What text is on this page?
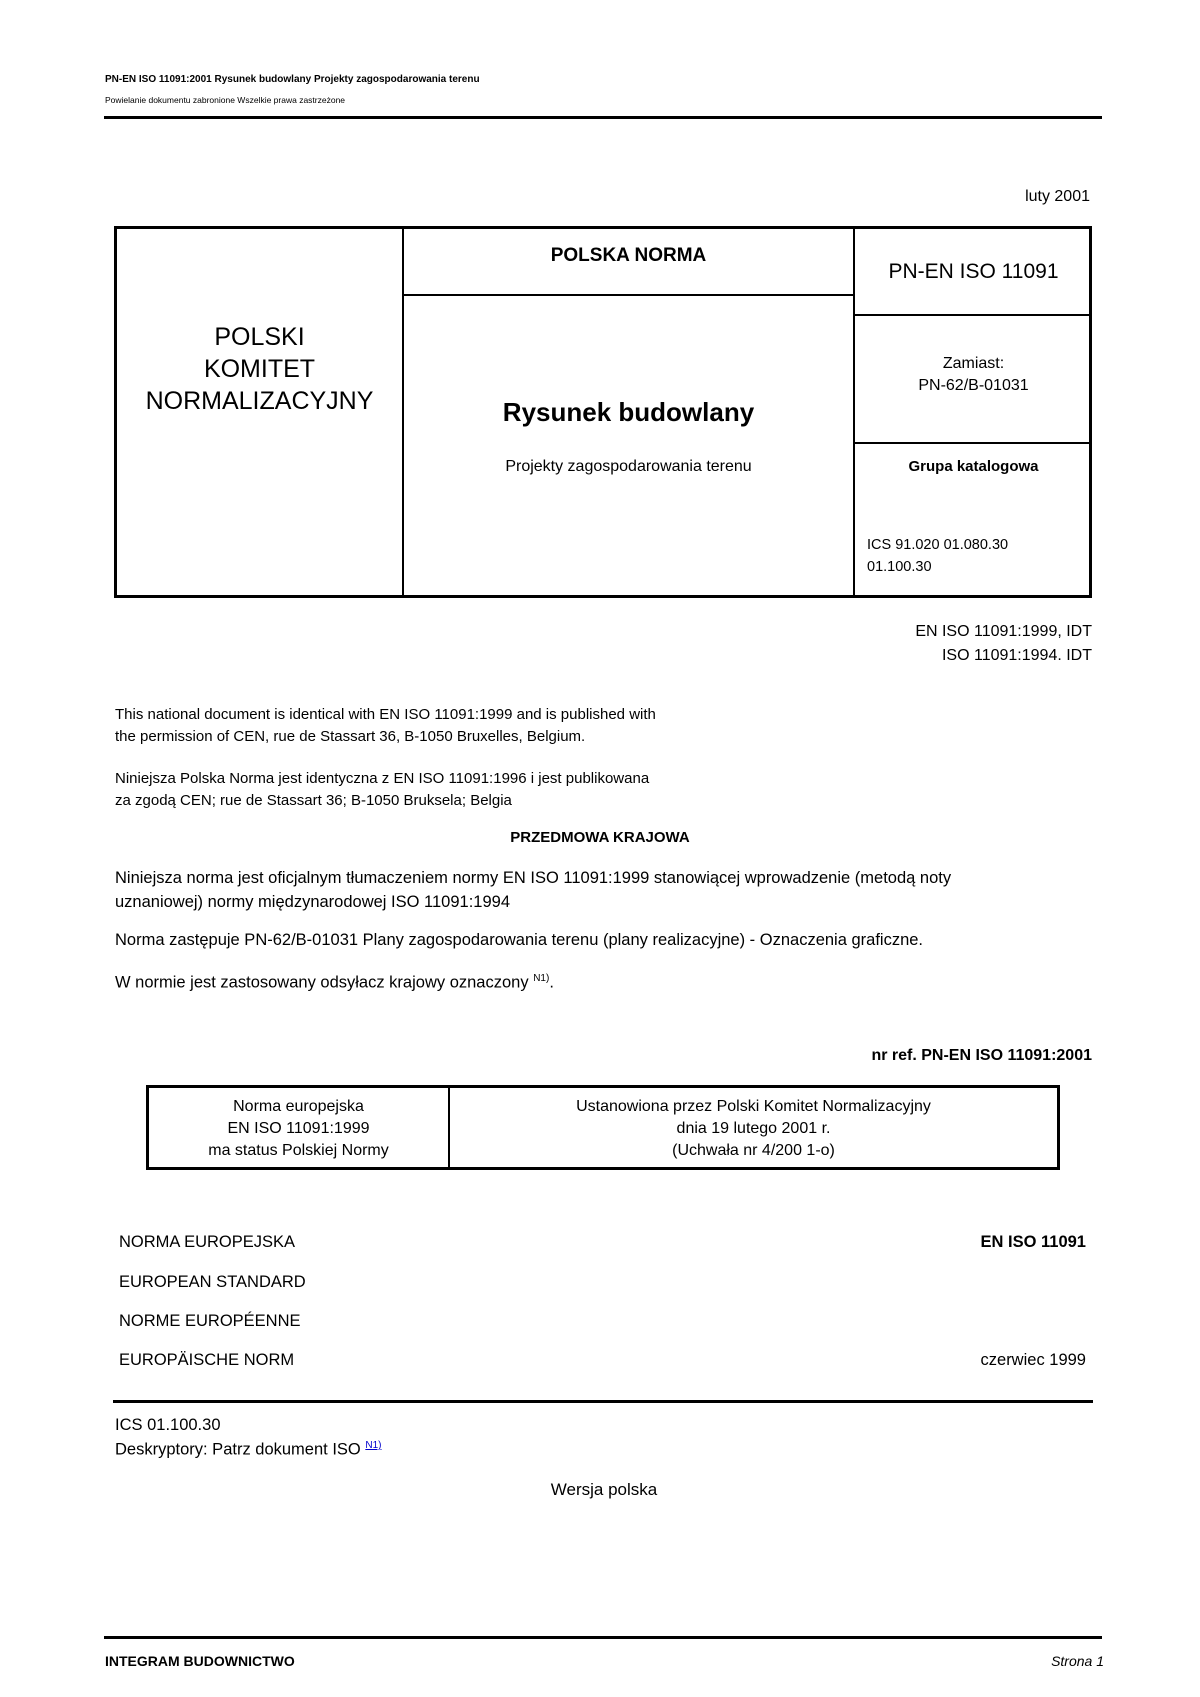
PN-EN ISO 11091:2001 Rysunek budowlany Projekty zagospodarowania terenu
Powielanie dokumentu zabronione Wszelkie prawa zastrzeżone
luty 2001
POLSKI
KOMITET
NORMALIZACYJNY
POLSKA NORMA
Rysunek budowlany
Projekty zagospodarowania terenu
PN-EN ISO 11091
Zamiast:
PN-62/B-01031
Grupa katalogowa
ICS 91.020 01.080.30
01.100.30
EN ISO 11091:1999, IDT
ISO 11091:1994. IDT
This national document is identical with EN ISO 11091:1999 and is published with
the permission of CEN, rue de Stassart 36, B-1050 Bruxelles, Belgium.
Niniejsza Polska Norma jest identyczna z EN ISO 11091:1996 i jest publikowana
za zgodą CEN; rue de Stassart 36; B-1050 Bruksela; Belgia
PRZEDMOWA KRAJOWA
Niniejsza norma jest oficjalnym tłumaczeniem normy EN ISO 11091:1999 stanowiącej wprowadzenie (metodą noty
uznaniowej) normy międzynarodowej ISO 11091:1994
Norma zastępuje PN-62/B-01031 Plany zagospodarowania terenu (plany realizacyjne) - Oznaczenia graficzne.
W normie jest zastosowany odsyłacz krajowy oznaczony $^{N1)}$.
nr ref. PN-EN ISO 11091:2001
Norma europejska
EN ISO 11091:1999
ma status Polskiej Normy
Ustanowiona przez Polski Komitet Normalizacyjny
dnia 19 lutego 2001 r.
(Uchwała nr 4/200 1-o)
NORMA EUROPEJSKA
EUROPEAN STANDARD
NORME EUROPÉENNE
EUROPÄISCHE NORM
EN ISO 11091
czerwiec 1999
ICS 01.100.30
Deskryptory: Patrz dokument ISO $^{N1)}$
Wersja polska
INTEGRAM BUDOWNICTWO	Strona 1
